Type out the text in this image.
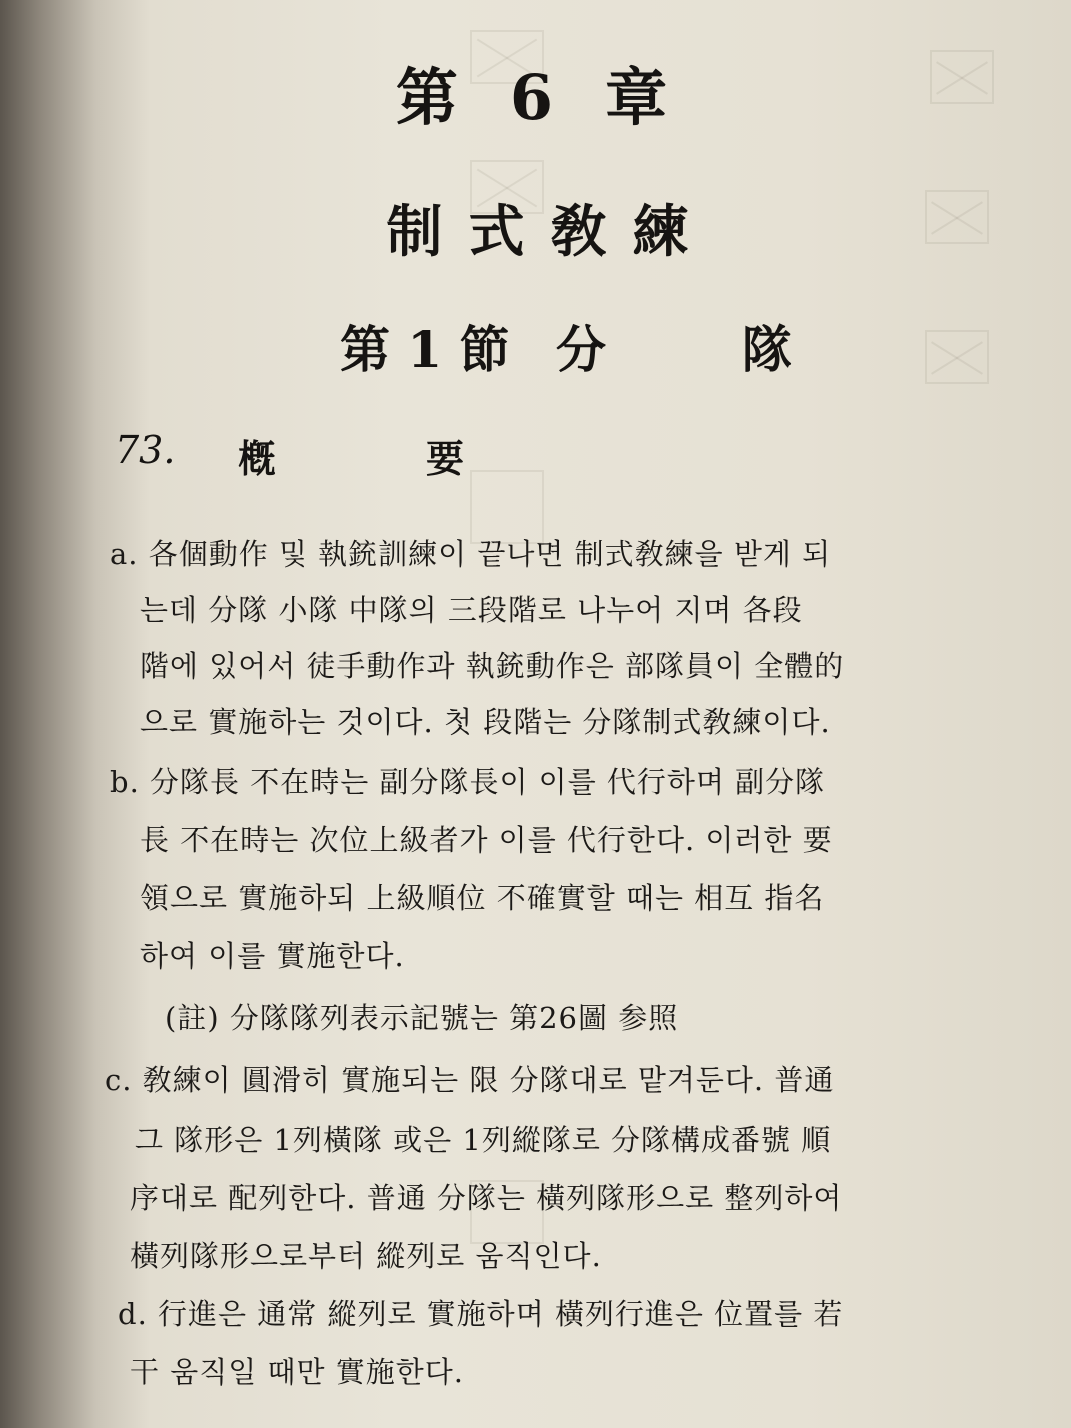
第 6 章
制式敎練
第 1 節 分	隊
73. 槪	要
a. 各個動作 및 執銃訓練이 끝나면 制式敎練을 받게 되
는데 分隊 小隊 中隊의 三段階로 나누어 지며 各段
階에 있어서 徒手動作과 執銃動作은 部隊員이 全體的
으로 實施하는 것이다. 첫 段階는 分隊制式敎練이다.
b. 分隊長 不在時는 副分隊長이 이를 代行하며 副分隊
長 不在時는 次位上級者가 이를 代行한다. 이러한 要
領으로 實施하되 上級順位 不確實할 때는 相互 指名
하여 이를 實施한다.
(註) 分隊隊列表示記號는 第26圖 参照
c. 敎練이 圓滑히 實施되는 限 分隊대로 맡겨둔다. 普通
그 隊形은 1列橫隊 或은 1列縱隊로 分隊構成番號 順
序대로 配列한다. 普通 分隊는 橫列隊形으로 整列하여
橫列隊形으로부터 縱列로 움직인다.
d. 行進은 通常 縱列로 實施하며 橫列行進은 位置를 若
干 움직일 때만 實施한다.
